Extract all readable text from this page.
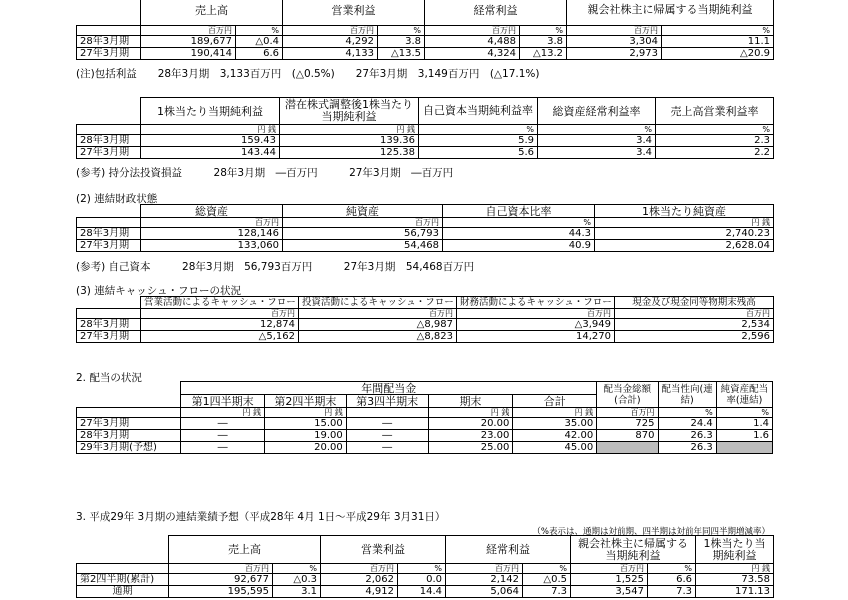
	売上高		営業利益		経常利益		親会社株主に帰属する当期純利益	
	百万円	%	百万円	%	百万円	%	百万円	%
28年3月期	189,677	△0.4	4,292	3.8	4,488	3.8	3,304	11.1
27年3月期	190,414	6.6	4,133	△13.5	4,324	△13.2	2,973	△20.9
(注)包括利益　　28年3月期　3,133百万円　(△0.5%)　　27年3月期　3,149百万円　(△17.1%)
	1株当たり当期純利益	潜在株式調整後1株当たり当期純利益	自己資本当期純利益率	総資産経常利益率	売上高営業利益率
	円 銭	円 銭	%	%	%
28年3月期	159.43	139.36	5.9	3.4	2.3
27年3月期	143.44	125.38	5.6	3.4	2.2
(参考) 持分法投資損益　　　28年3月期　―百万円　　　27年3月期　―百万円
(2) 連結財政状態
	総資産	純資産	自己資本比率	1株当たり純資産
	百万円	百万円	%	円 銭
28年3月期	128,146	56,793	44.3	2,740.23
27年3月期	133,060	54,468	40.9	2,628.04
(参考) 自己資本　　　28年3月期　56,793百万円　　　27年3月期　54,468百万円
(3) 連結キャッシュ・フローの状況
	営業活動によるキャッシュ・フロー	投資活動によるキャッシュ・フロー	財務活動によるキャッシュ・フロー	現金及び現金同等物期末残高
	百万円	百万円	百万円	百万円
28年3月期	12,874	△8,987	△3,949	2,534
27年3月期	△5,162	△8,823	14,270	2,596
2. 配当の状況
	年間配当金					配当金総額(合計)	配当性向(連結)	純資産配当率(連結)
	第1四半期末	第2四半期末	第3四半期末	期末	合計			
	円 銭	円 銭		円 銭	円 銭	百万円	%	%
27年3月期	―	15.00	―	20.00	35.00	725	24.4	1.4
28年3月期	―	19.00	―	23.00	42.00	870	26.3	1.6
29年3月期(予想)	―	20.00	―	25.00	45.00		26.3	
3. 平成29年 3月期の連結業績予想（平成28年 4月 1日～平成29年 3月31日）
（%表示は、通期は対前期、四半期は対前年同四半期増減率）
	売上高		営業利益		経常利益		親会社株主に帰属する当期純利益		1株当たり当期純利益
	百万円	%	百万円	%	百万円	%	百万円	%	円 銭
第2四半期(累計)	92,677	△0.3	2,062	0.0	2,142	△0.5	1,525	6.6	73.58
通期	195,595	3.1	4,912	14.4	5,064	7.3	3,547	7.3	171.13
